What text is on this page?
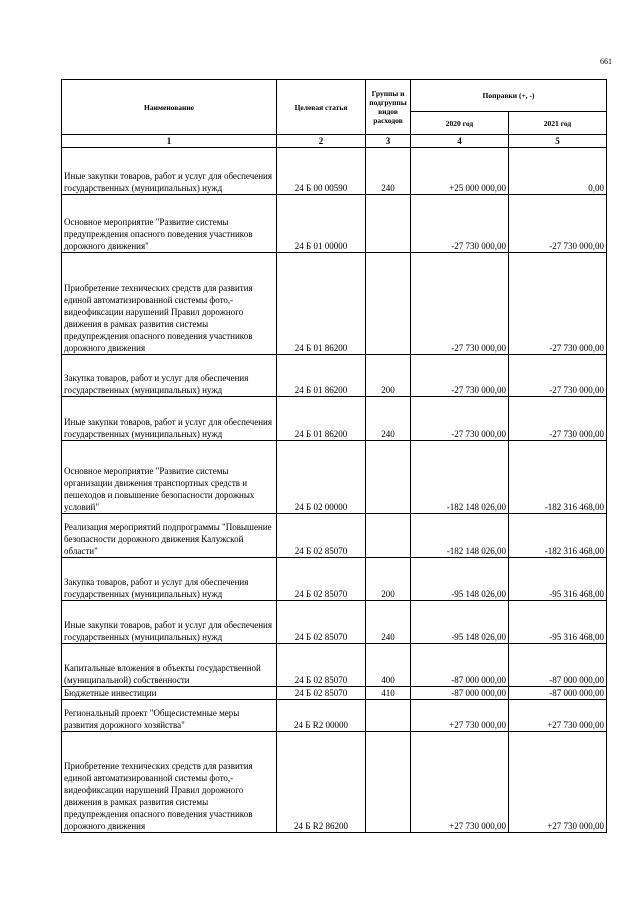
661
Наименование	Целевая статья	Группы и подгруппы видов расходов	Поправки (+, -)	
			2020 год	2021 год
1	2	3	4	5
Иные закупки товаров, работ и услуг для обеспечения государственных (муниципальных) нужд	24 Б 00 00590	240	+25 000 000,00	0,00
Основное мероприятие "Развитие системы предупреждения опасного поведения участников дорожного движения"	24 Б 01 00000		-27 730 000,00	-27 730 000,00
Приобретение технических средств для развития единой автоматизированной системы фото,- видеофиксации нарушений Правил дорожного движения в рамках развития системы предупреждения опасного поведения участников дорожного движения	24 Б 01 86200		-27 730 000,00	-27 730 000,00
Закупка товаров, работ и услуг для обеспечения государственных (муниципальных) нужд	24 Б 01 86200	200	-27 730 000,00	-27 730 000,00
Иные закупки товаров, работ и услуг для обеспечения государственных (муниципальных) нужд	24 Б 01 86200	240	-27 730 000,00	-27 730 000,00
Основное мероприятие "Развитие системы организации движения транспортных средств и пешеходов и повышение безопасности дорожных условий"	24 Б 02 00000		-182 148 026,00	-182 316 468,00
Реализация мероприятий подпрограммы "Повышение безопасности дорожного движения Калужской области"	24 Б 02 85070		-182 148 026,00	-182 316 468,00
Закупка товаров, работ и услуг для обеспечения государственных (муниципальных) нужд	24 Б 02 85070	200	-95 148 026,00	-95 316 468,00
Иные закупки товаров, работ и услуг для обеспечения государственных (муниципальных) нужд	24 Б 02 85070	240	-95 148 026,00	-95 316 468,00
Капитальные вложения в объекты государственной (муниципальной) собственности	24 Б 02 85070	400	-87 000 000,00	-87 000 000,00
Бюджетные инвестиции	24 Б 02 85070	410	-87 000 000,00	-87 000 000,00
Региональный проект "Общесистемные меры развития дорожного хозяйства"	24 Б R2 00000		+27 730 000,00	+27 730 000,00
Приобретение технических средств для развития единой автоматизированной системы фото,- видеофиксации нарушений Правил дорожного движения в рамках развития системы предупреждения опасного поведения участников дорожного движения	24 Б R2 86200		+27 730 000,00	+27 730 000,00
